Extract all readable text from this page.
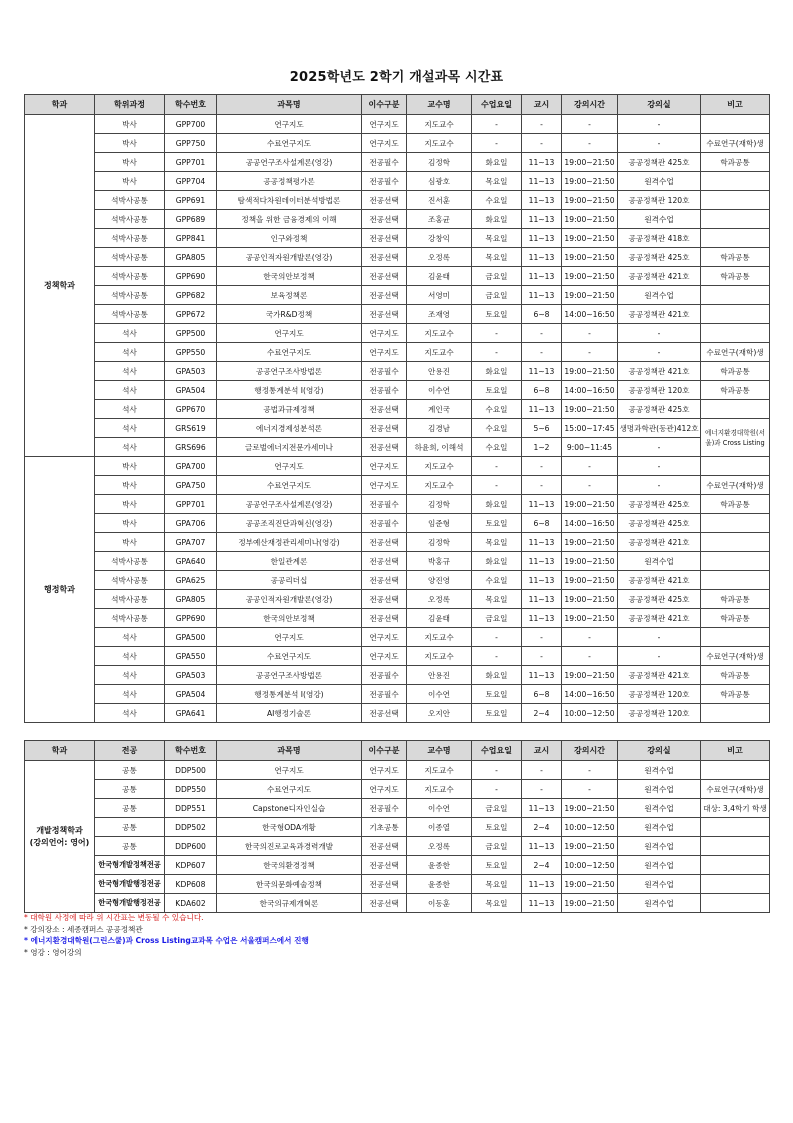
2025학년도 2학기 개설과목 시간표
학과	학위과정	학수번호	과목명	이수구분	교수명	수업요일	교시	강의시간	강의실	비고
정책학과	박사	GPP700	연구지도	연구지도	지도교수	-	-	-	-	
	박사	GPP750	수료연구지도	연구지도	지도교수	-	-	-	-	수료연구(재학)생
	박사	GPP701	공공연구조사설계론(영강)	전공필수	김정학	화요일	11~13	19:00~21:50	공공정책관 425호	학과공통
	박사	GPP704	공공정책평가론	전공필수	심광호	목요일	11~13	19:00~21:50	원격수업	
	석박사공통	GPP691	탐색적다차원데이터분석방법론	전공선택	진서훈	수요일	11~13	19:00~21:50	공공정책관 120호	
	석박사공통	GPP689	정책을 위한 금융경제의 이해	전공선택	조홍균	화요일	11~13	19:00~21:50	원격수업	
	석박사공통	GPP841	인구와정책	전공선택	강창익	목요일	11~13	19:00~21:50	공공정책관 418호	
	석박사공통	GPA805	공공인적자원개발론(영강)	전공선택	오정록	목요일	11~13	19:00~21:50	공공정책관 425호	학과공통
	석박사공통	GPP690	한국의안보정책	전공선택	김윤태	금요일	11~13	19:00~21:50	공공정책관 421호	학과공통
	석박사공통	GPP682	보육정책론	전공선택	서영미	금요일	11~13	19:00~21:50	원격수업	
	석박사공통	GPP672	국가R&D정책	전공선택	조재영	토요일	6~8	14:00~16:50	공공정책관 421호	
	석사	GPP500	연구지도	연구지도	지도교수	-	-	-	-	
	석사	GPP550	수료연구지도	연구지도	지도교수	-	-	-	-	수료연구(재학)생
	석사	GPA503	공공연구조사방법론	전공필수	안용진	화요일	11~13	19:00~21:50	공공정책관 421호	학과공통
	석사	GPA504	행정통계분석 Ⅰ(영강)	전공필수	이수연	토요일	6~8	14:00~16:50	공공정책관 120호	학과공통
	석사	GPP670	공법과규제정책	전공선택	계인국	수요일	11~13	19:00~21:50	공공정책관 425호	
	석사	GRS619	에너지경제성분석론	전공선택	김경남	수요일	5~6	15:00~17:45	생명과학관(동관)412호	에너지환경대학원(서울)과 Cross Listing
	석사	GRS696	글로벌에너지전문가세미나	전공선택	하윤희, 이해석	수요일	1~2	9:00~11:45	-	
행정학과	박사	GPA700	연구지도	연구지도	지도교수	-	-	-	-	
	박사	GPA750	수료연구지도	연구지도	지도교수	-	-	-	-	수료연구(재학)생
	박사	GPP701	공공연구조사설계론(영강)	전공필수	김정학	화요일	11~13	19:00~21:50	공공정책관 425호	학과공통
	박사	GPA706	공공조직진단과혁신(영강)	전공필수	임준형	토요일	6~8	14:00~16:50	공공정책관 425호	
	박사	GPA707	정부예산재정관리세미나(영강)	전공선택	김정학	목요일	11~13	19:00~21:50	공공정책관 421호	
	석박사공통	GPA640	한일관계론	전공선택	박홍규	화요일	11~13	19:00~21:50	원격수업	
	석박사공통	GPA625	공공리더십	전공선택	양진영	수요일	11~13	19:00~21:50	공공정책관 421호	
	석박사공통	GPA805	공공인적자원개발론(영강)	전공선택	오정록	목요일	11~13	19:00~21:50	공공정책관 425호	학과공통
	석박사공통	GPP690	한국의안보정책	전공선택	김윤태	금요일	11~13	19:00~21:50	공공정책관 421호	학과공통
	석사	GPA500	연구지도	연구지도	지도교수	-	-	-	-	
	석사	GPA550	수료연구지도	연구지도	지도교수	-	-	-	-	수료연구(재학)생
	석사	GPA503	공공연구조사방법론	전공필수	안용진	화요일	11~13	19:00~21:50	공공정책관 421호	학과공통
	석사	GPA504	행정통계분석 Ⅰ(영강)	전공필수	이수연	토요일	6~8	14:00~16:50	공공정책관 120호	학과공통
	석사	GPA641	AI행정기술론	전공선택	오지안	토요일	2~4	10:00~12:50	공공정책관 120호	
학과	전공	학수번호	과목명	이수구분	교수명	수업요일	교시	강의시간	강의실	비고

개발정책학과
(강의언어: 영어)	공통	DDP500	연구지도	연구지도	지도교수	-	-	-	원격수업	
	공통	DDP550	수료연구지도	연구지도	지도교수	-	-	-	원격수업	수료연구(재학)생
	공통	DDP551	Capstone디자인실습	전공필수	이수연	금요일	11~13	19:00~21:50	원격수업	대상: 3,4학기 학생
	공통	DDP502	한국형ODA개황	기초공통	이종열	토요일	2~4	10:00~12:50	원격수업	
	공통	DDP600	한국의진로교육과경력개발	전공선택	오정록	금요일	11~13	19:00~21:50	원격수업	
	한국형개발정책전공	KDP607	한국의환경정책	전공선택	윤종한	토요일	2~4	10:00~12:50	원격수업	
	한국형개발행정전공	KDP608	한국의문화예술정책	전공선택	윤종한	목요일	11~13	19:00~21:50	원격수업	
	한국형개발행정전공	KDA602	한국의규제개혁론	전공선택	이동훈	목요일	11~13	19:00~21:50	원격수업	
* 대학원 사정에 따라 위 시간표는 변동될 수 있습니다.
* 강의장소 : 세종캠퍼스 공공정책관
* 에너지환경대학원(그린스쿨)과 Cross Listing교과목 수업은 서울캠퍼스에서 진행
* 영강 : 영어강의
